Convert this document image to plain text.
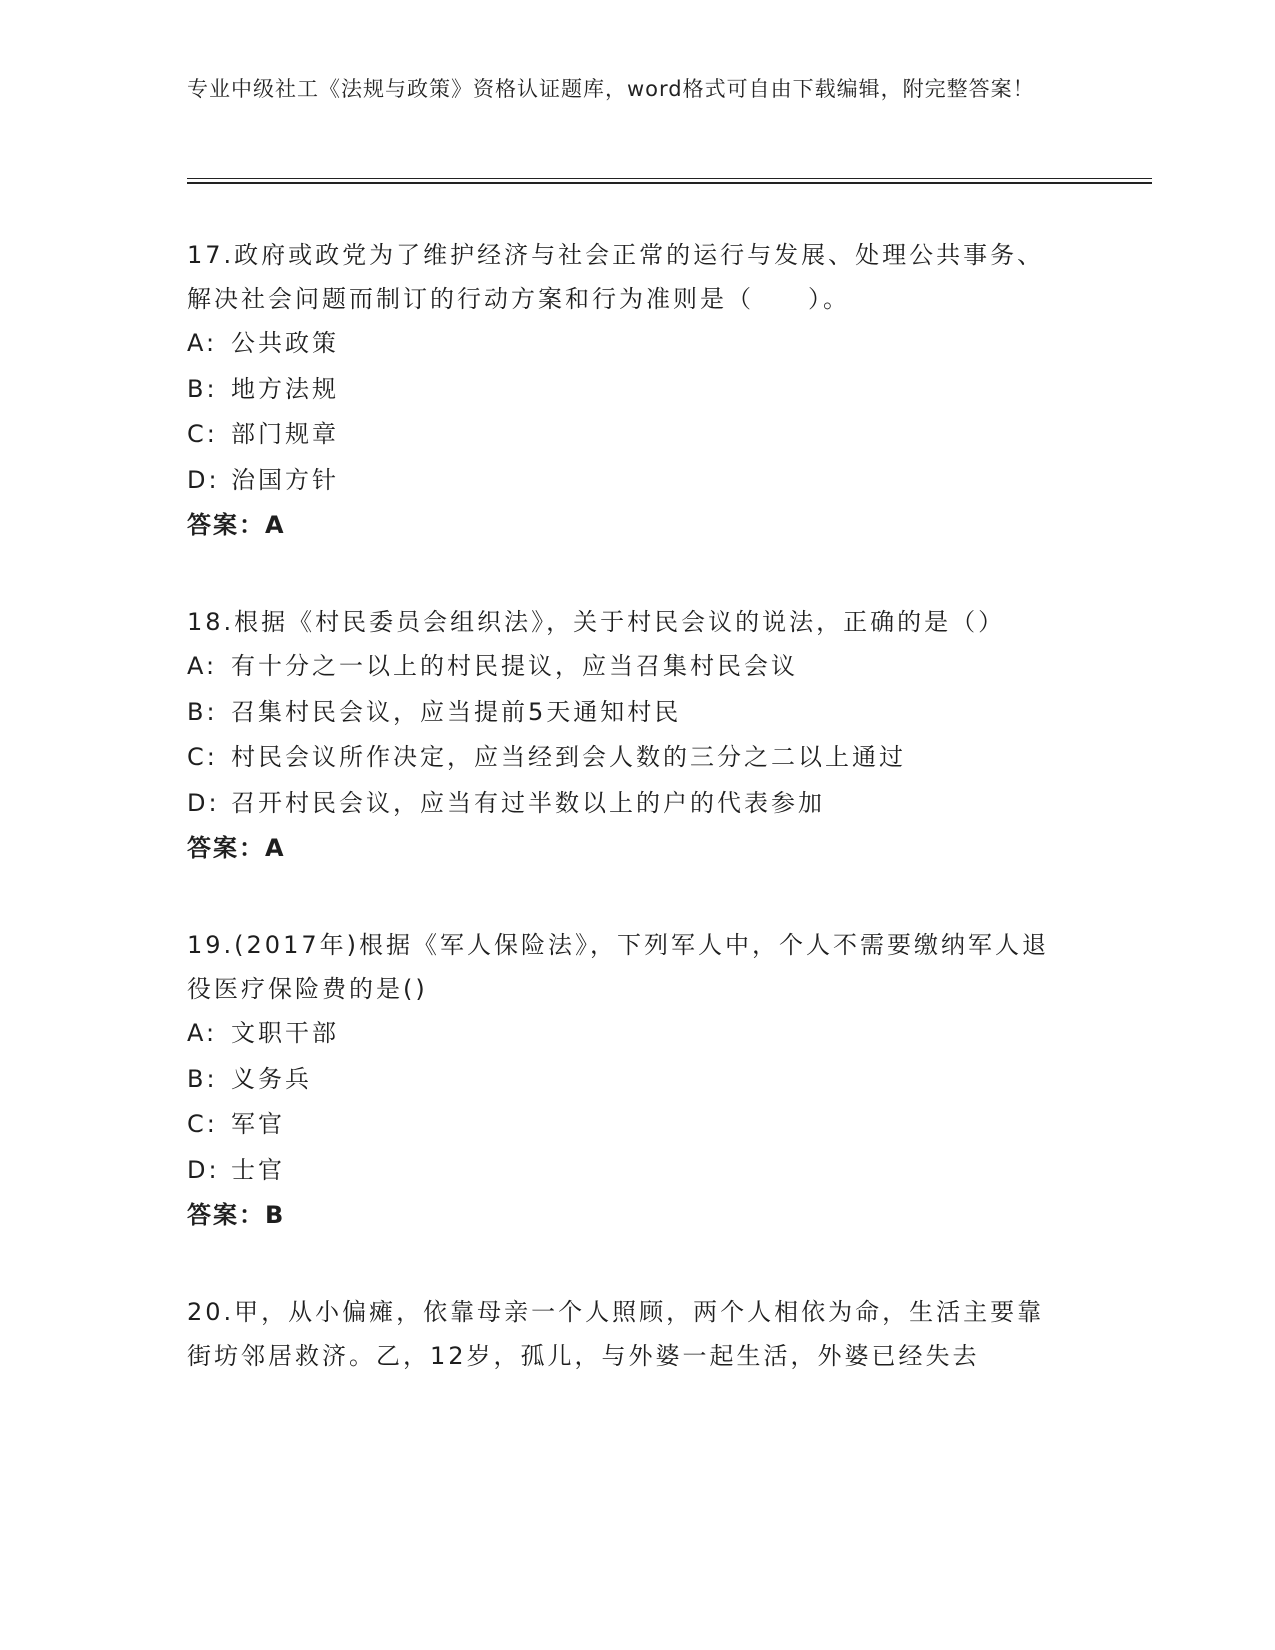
专业中级社工《法规与政策》资格认证题库，word格式可自由下载编辑，附完整答案！

17.政府或政党为了维护经济与社会正常的运行与发展、处理公共事务、解决社会问题而制订的行动方案和行为准则是（　　）。

A: 公共政策

B: 地方法规

C: 部门规章

D: 治国方针

答案：A

18.根据《村民委员会组织法》，关于村民会议的说法，正确的是（）

A: 有十分之一以上的村民提议，应当召集村民会议

B: 召集村民会议，应当提前5天通知村民

C: 村民会议所作决定，应当经到会人数的三分之二以上通过

D: 召开村民会议，应当有过半数以上的户的代表参加

答案：A

19.(2017年)根据《军人保险法》，下列军人中，个人不需要缴纳军人退役医疗保险费的是()

A: 文职干部

B: 义务兵

C: 军官

D: 士官

答案：B

20.甲，从小偏瘫，依靠母亲一个人照顾，两个人相依为命，生活主要靠街坊邻居救济。乙，12岁，孤儿，与外婆一起生活，外婆已经失去
